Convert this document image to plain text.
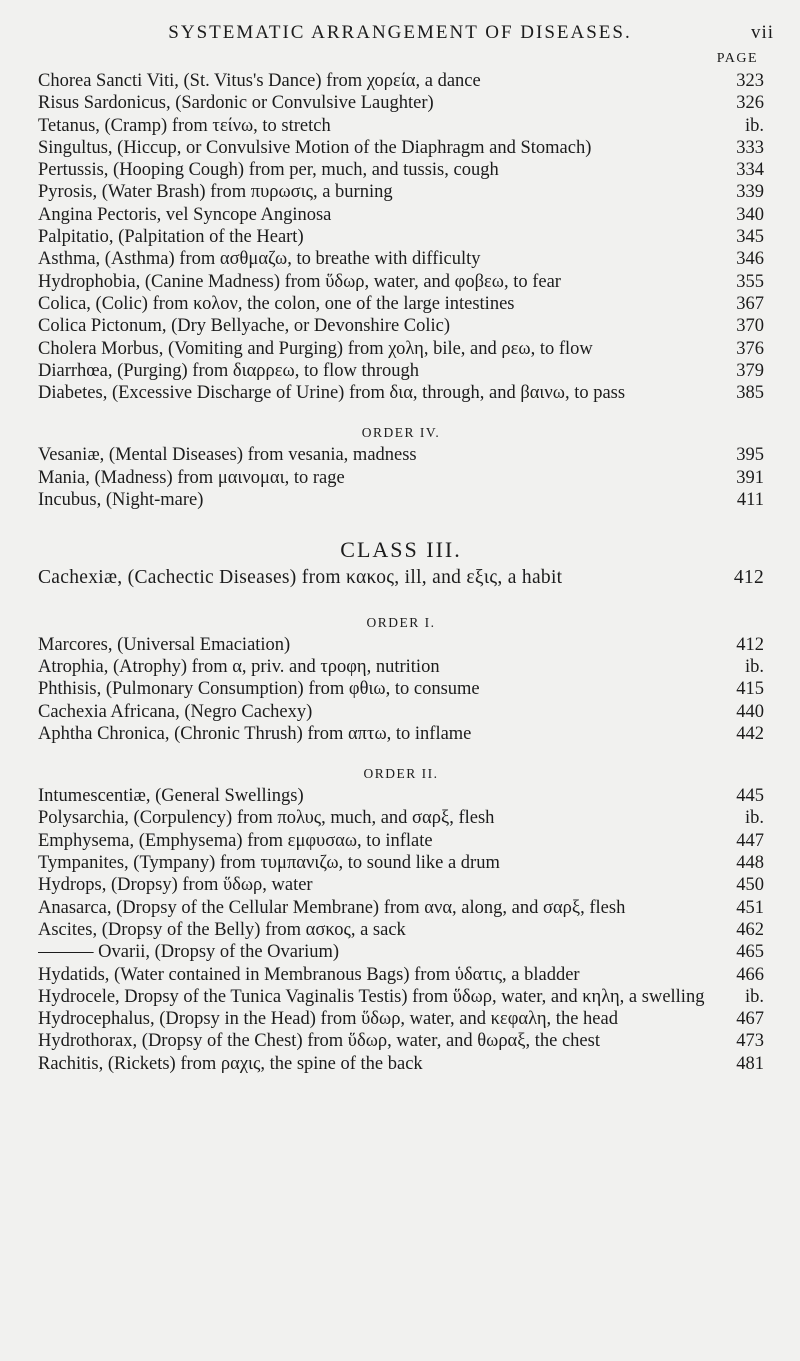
SYSTEMATIC ARRANGEMENT OF DISEASES.	vii
PAGE
Chorea Sancti Viti, (St. Vitus's Dance) from χορεία, a dance	323
Risus Sardonicus, (Sardonic or Convulsive Laughter)	326
Tetanus, (Cramp) from τείνω, to stretch	ib.
Singultus, (Hiccup, or Convulsive Motion of the Diaphragm and Stomach)	333
Pertussis, (Hooping Cough) from per, much, and tussis, cough	334
Pyrosis, (Water Brash) from πυρωσις, a burning	339
Angina Pectoris, vel Syncope Anginosa	340
Palpitatio, (Palpitation of the Heart)	345
Asthma, (Asthma) from ασθμαζω, to breathe with difficulty	346
Hydrophobia, (Canine Madness) from ὕδωρ, water, and φοβεω, to fear	355
Colica, (Colic) from κολον, the colon, one of the large intestines	367
Colica Pictonum, (Dry Bellyache, or Devonshire Colic)	370
Cholera Morbus, (Vomiting and Purging) from χολη, bile, and ρεω, to flow	376
Diarrhœa, (Purging) from διαρρεω, to flow through	379
Diabetes, (Excessive Discharge of Urine) from δια, through, and βαινω, to pass	385
ORDER IV.
Vesaniæ, (Mental Diseases) from vesania, madness	395
Mania, (Madness) from μαινομαι, to rage	391
Incubus, (Night-mare)	411
CLASS III.
Cachexiæ, (Cachectic Diseases) from κακος, ill, and εξις, a habit	412
ORDER I.
Marcores, (Universal Emaciation)	412
Atrophia, (Atrophy) from α, priv. and τροφη, nutrition	ib.
Phthisis, (Pulmonary Consumption) from φθιω, to consume	415
Cachexia Africana, (Negro Cachexy)	440
Aphtha Chronica, (Chronic Thrush) from απτω, to inflame	442
ORDER II.
Intumescentiæ, (General Swellings)	445
Polysarchia, (Corpulency) from πολυς, much, and σαρξ, flesh	ib.
Emphysema, (Emphysema) from εμφυσαω, to inflate	447
Tympanites, (Tympany) from τυμπανιζω, to sound like a drum	448
Hydrops, (Dropsy) from ὕδωρ, water	450
Anasarca, (Dropsy of the Cellular Membrane) from ανα, along, and σαρξ, flesh	451
Ascites, (Dropsy of the Belly) from ασκος, a sack	462
——— Ovarii, (Dropsy of the Ovarium)	465
Hydatids, (Water contained in Membranous Bags) from ὑδατις, a bladder	466
Hydrocele, Dropsy of the Tunica Vaginalis Testis) from ὕδωρ, water, and κηλη, a swelling ib.
Hydrocephalus, (Dropsy in the Head) from ὕδωρ, water, and κεφαλη, the head	467
Hydrothorax, (Dropsy of the Chest) from ὕδωρ, water, and θωραξ, the chest	473
Rachitis, (Rickets) from ραχις, the spine of the back	481
